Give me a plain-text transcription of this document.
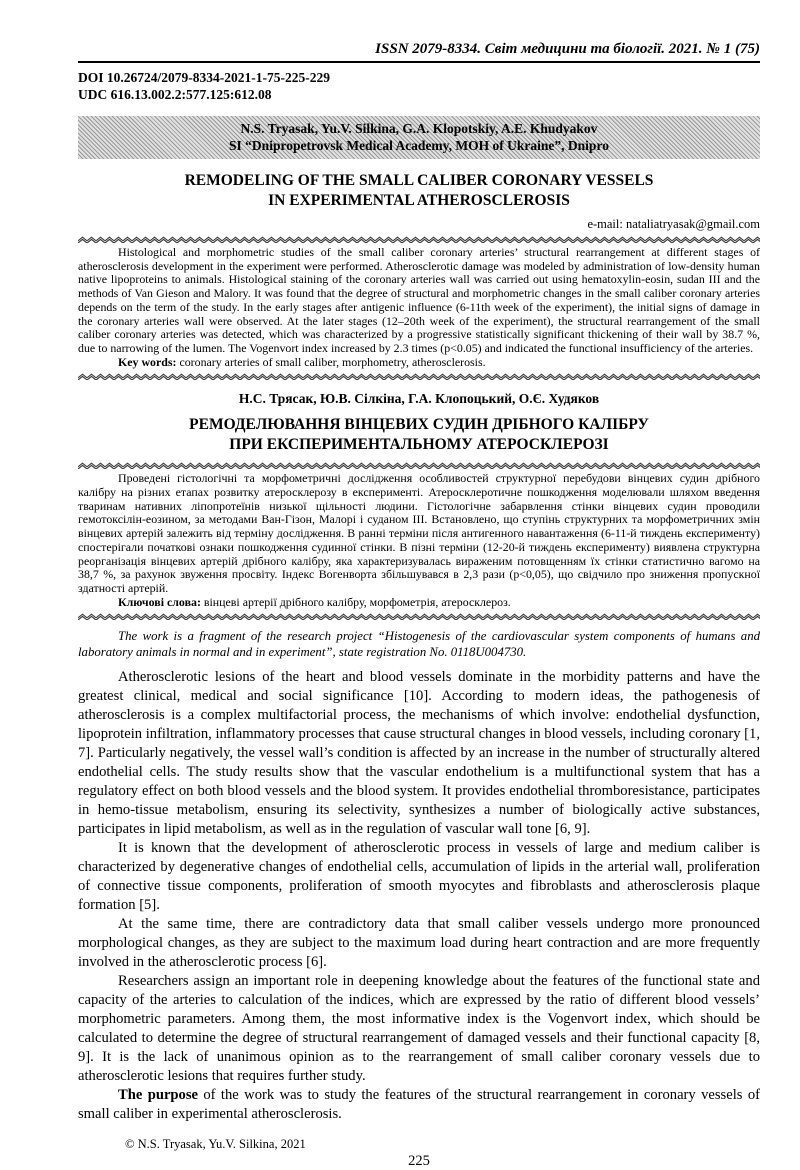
ISSN 2079-8334. Світ медицини та біології. 2021. № 1 (75)
DOI 10.26724/2079-8334-2021-1-75-225-229
UDC 616.13.002.2:577.125:612.08
N.S. Tryasak, Yu.V. Silkina, G.A. Klopotskiy, A.E. Khudyakov
SI “Dnipropetrovsk Medical Academy, MOH of Ukraine”, Dnipro
REMODELING OF THE SMALL CALIBER CORONARY VESSELS
IN EXPERIMENTAL ATHEROSCLEROSIS
e-mail: nataliatryasak@gmail.com

Histological and morphometric studies of the small caliber coronary arteries’ structural rearrangement at different stages of atherosclerosis development in the experiment were performed. Atherosclerotic damage was modeled by administration of low-density human native lipoproteins to animals. Histological staining of the coronary arteries wall was carried out using hematoxylin-eosin, sudan III and the methods of Van Gieson and Malory. It was found that the degree of structural and morphometric changes in the small caliber coronary arteries depends on the term of the study. In the early stages after antigenic influence (6-11th week of the experiment), the initial signs of damage in the coronary arteries wall were observed. At the later stages (12–20th week of the experiment), the structural rearrangement of the small caliber coronary arteries was detected, which was characterized by a progressive statistically significant thickening of their wall by 38.7 %, due to narrowing of the lumen. The Vogenvort index increased by 2.3 times (p<0.05) and indicated the functional insufficiency of the arteries.

Key words: coronary arteries of small caliber, morphometry, atherosclerosis.

Н.С. Трясак, Ю.В. Сілкіна, Г.А. Клопоцький, О.Є. Худяков
РЕМОДЕЛЮВАННЯ ВІНЦЕВИХ СУДИН ДРІБНОГО КАЛІБРУ
ПРИ ЕКСПЕРИМЕНТАЛЬНОМУ АТЕРОСКЛЕРОЗІ

Проведені гістологічні та морфометричні дослідження особливостей структурної перебудови вінцевих судин дрібного калібру на різних етапах розвитку атеросклерозу в експерименті. Атеросклеротичне пошкодження моделювали шляхом введення тваринам нативних ліпопротеїнів низької щільності людини. Гістологічне забарвлення стінки вінцевих судин проводили гемотоксілін-еозином, за методами Ван-Гізон, Малорі і суданом III. Встановлено, що ступінь структурних та морфометричних змін вінцевих артерій залежить від терміну дослідження. В ранні терміни після антигенного навантаження (6-11-й тиждень експерименту) спостерігали початкові ознаки пошкодження судинної стінки. В пізні терміни (12-20-й тиждень експерименту) виявлена структурна реорганізація вінцевих артерій дрібного калібру, яка характеризувалась вираженим потовщенням їх стінки статистично вагомо на 38,7 %, за рахунок звуження просвіту. Індекс Вогенворта збільшувався в 2,3 рази (р<0,05), що свідчило про зниження пропускної здатності артерій.

Ключові слова: вінцеві артерії дрібного калібру, морфометрія, атеросклероз.

The work is a fragment of the research project “Histogenesis of the cardiovascular system components of humans and laboratory animals in normal and in experiment”, state registration No. 0118U004730.

Atherosclerotic lesions of the heart and blood vessels dominate in the morbidity patterns and have the greatest clinical, medical and social significance [10]. According to modern ideas, the pathogenesis of atherosclerosis is a complex multifactorial process, the mechanisms of which involve: endothelial dysfunction, lipoprotein infiltration, inflammatory processes that cause structural changes in blood vessels, including coronary [1, 7]. Particularly negatively, the vessel wall’s condition is affected by an increase in the number of structurally altered endothelial cells. The study results show that the vascular endothelium is a multifunctional system that has a regulatory effect on both blood vessels and the blood system. It provides endothelial thromboresistance, participates in hemo-tissue metabolism, ensuring its selectivity, synthesizes a number of biologically active substances, participates in lipid metabolism, as well as in the regulation of vascular wall tone [6, 9].

It is known that the development of atherosclerotic process in vessels of large and medium caliber is characterized by degenerative changes of endothelial cells, accumulation of lipids in the arterial wall, proliferation of connective tissue components, proliferation of smooth myocytes and fibroblasts and atherosclerosis plaque formation [5].

At the same time, there are contradictory data that small caliber vessels undergo more pronounced morphological changes, as they are subject to the maximum load during heart contraction and are more frequently involved in the atherosclerotic process [6].

Researchers assign an important role in deepening knowledge about the features of the functional state and capacity of the arteries to calculation of the indices, which are expressed by the ratio of different blood vessels’ morphometric parameters. Among them, the most informative index is the Vogenvort index, which should be calculated to determine the degree of structural rearrangement of damaged vessels and their functional capacity [8, 9]. It is the lack of unanimous opinion as to the rearrangement of small caliber coronary vessels due to atherosclerotic lesions that requires further study.

The purpose of the work was to study the features of the structural rearrangement in coronary vessels of small caliber in experimental atherosclerosis.

© N.S. Tryasak, Yu.V. Silkina, 2021
225
